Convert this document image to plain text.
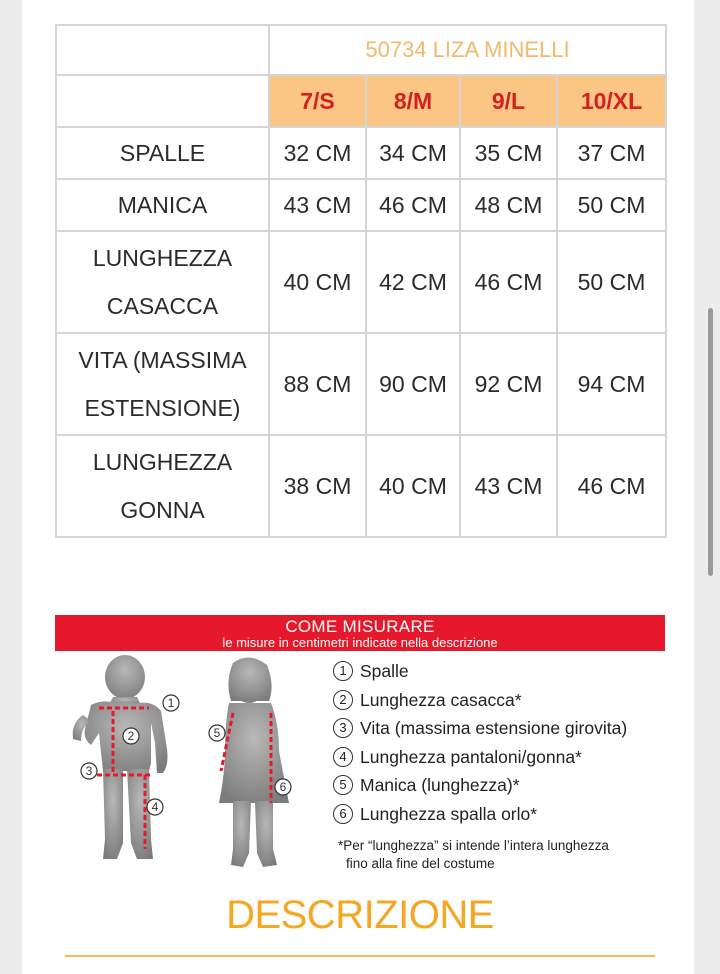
	50734 LIZA MINELLI			
	7/S	8/M	9/L	10/XL
SPALLE	32 CM	34 CM	35 CM	37 CM
MANICA	43 CM	46 CM	48 CM	50 CM
LUNGHEZZA
CASACCA	40 CM	42 CM	46 CM	50 CM
VITA (MASSIMA
ESTENSIONE)	88 CM	90 CM	92 CM	94 CM
LUNGHEZZA
GONNA	38 CM	40 CM	43 CM	46 CM
COME MISURARE
le misure in centimetri indicate nella descrizione
1
2
3
4
5
6
1 Spalle
2 Lunghezza casacca*
3 Vita (massima estensione girovita)
4 Lunghezza pantaloni/gonna*
5 Manica (lunghezza)*
6 Lunghezza spalla orlo*
*Per “lunghezza” si intende l’intera lunghezza
fino alla fine del costume
DESCRIZIONE
